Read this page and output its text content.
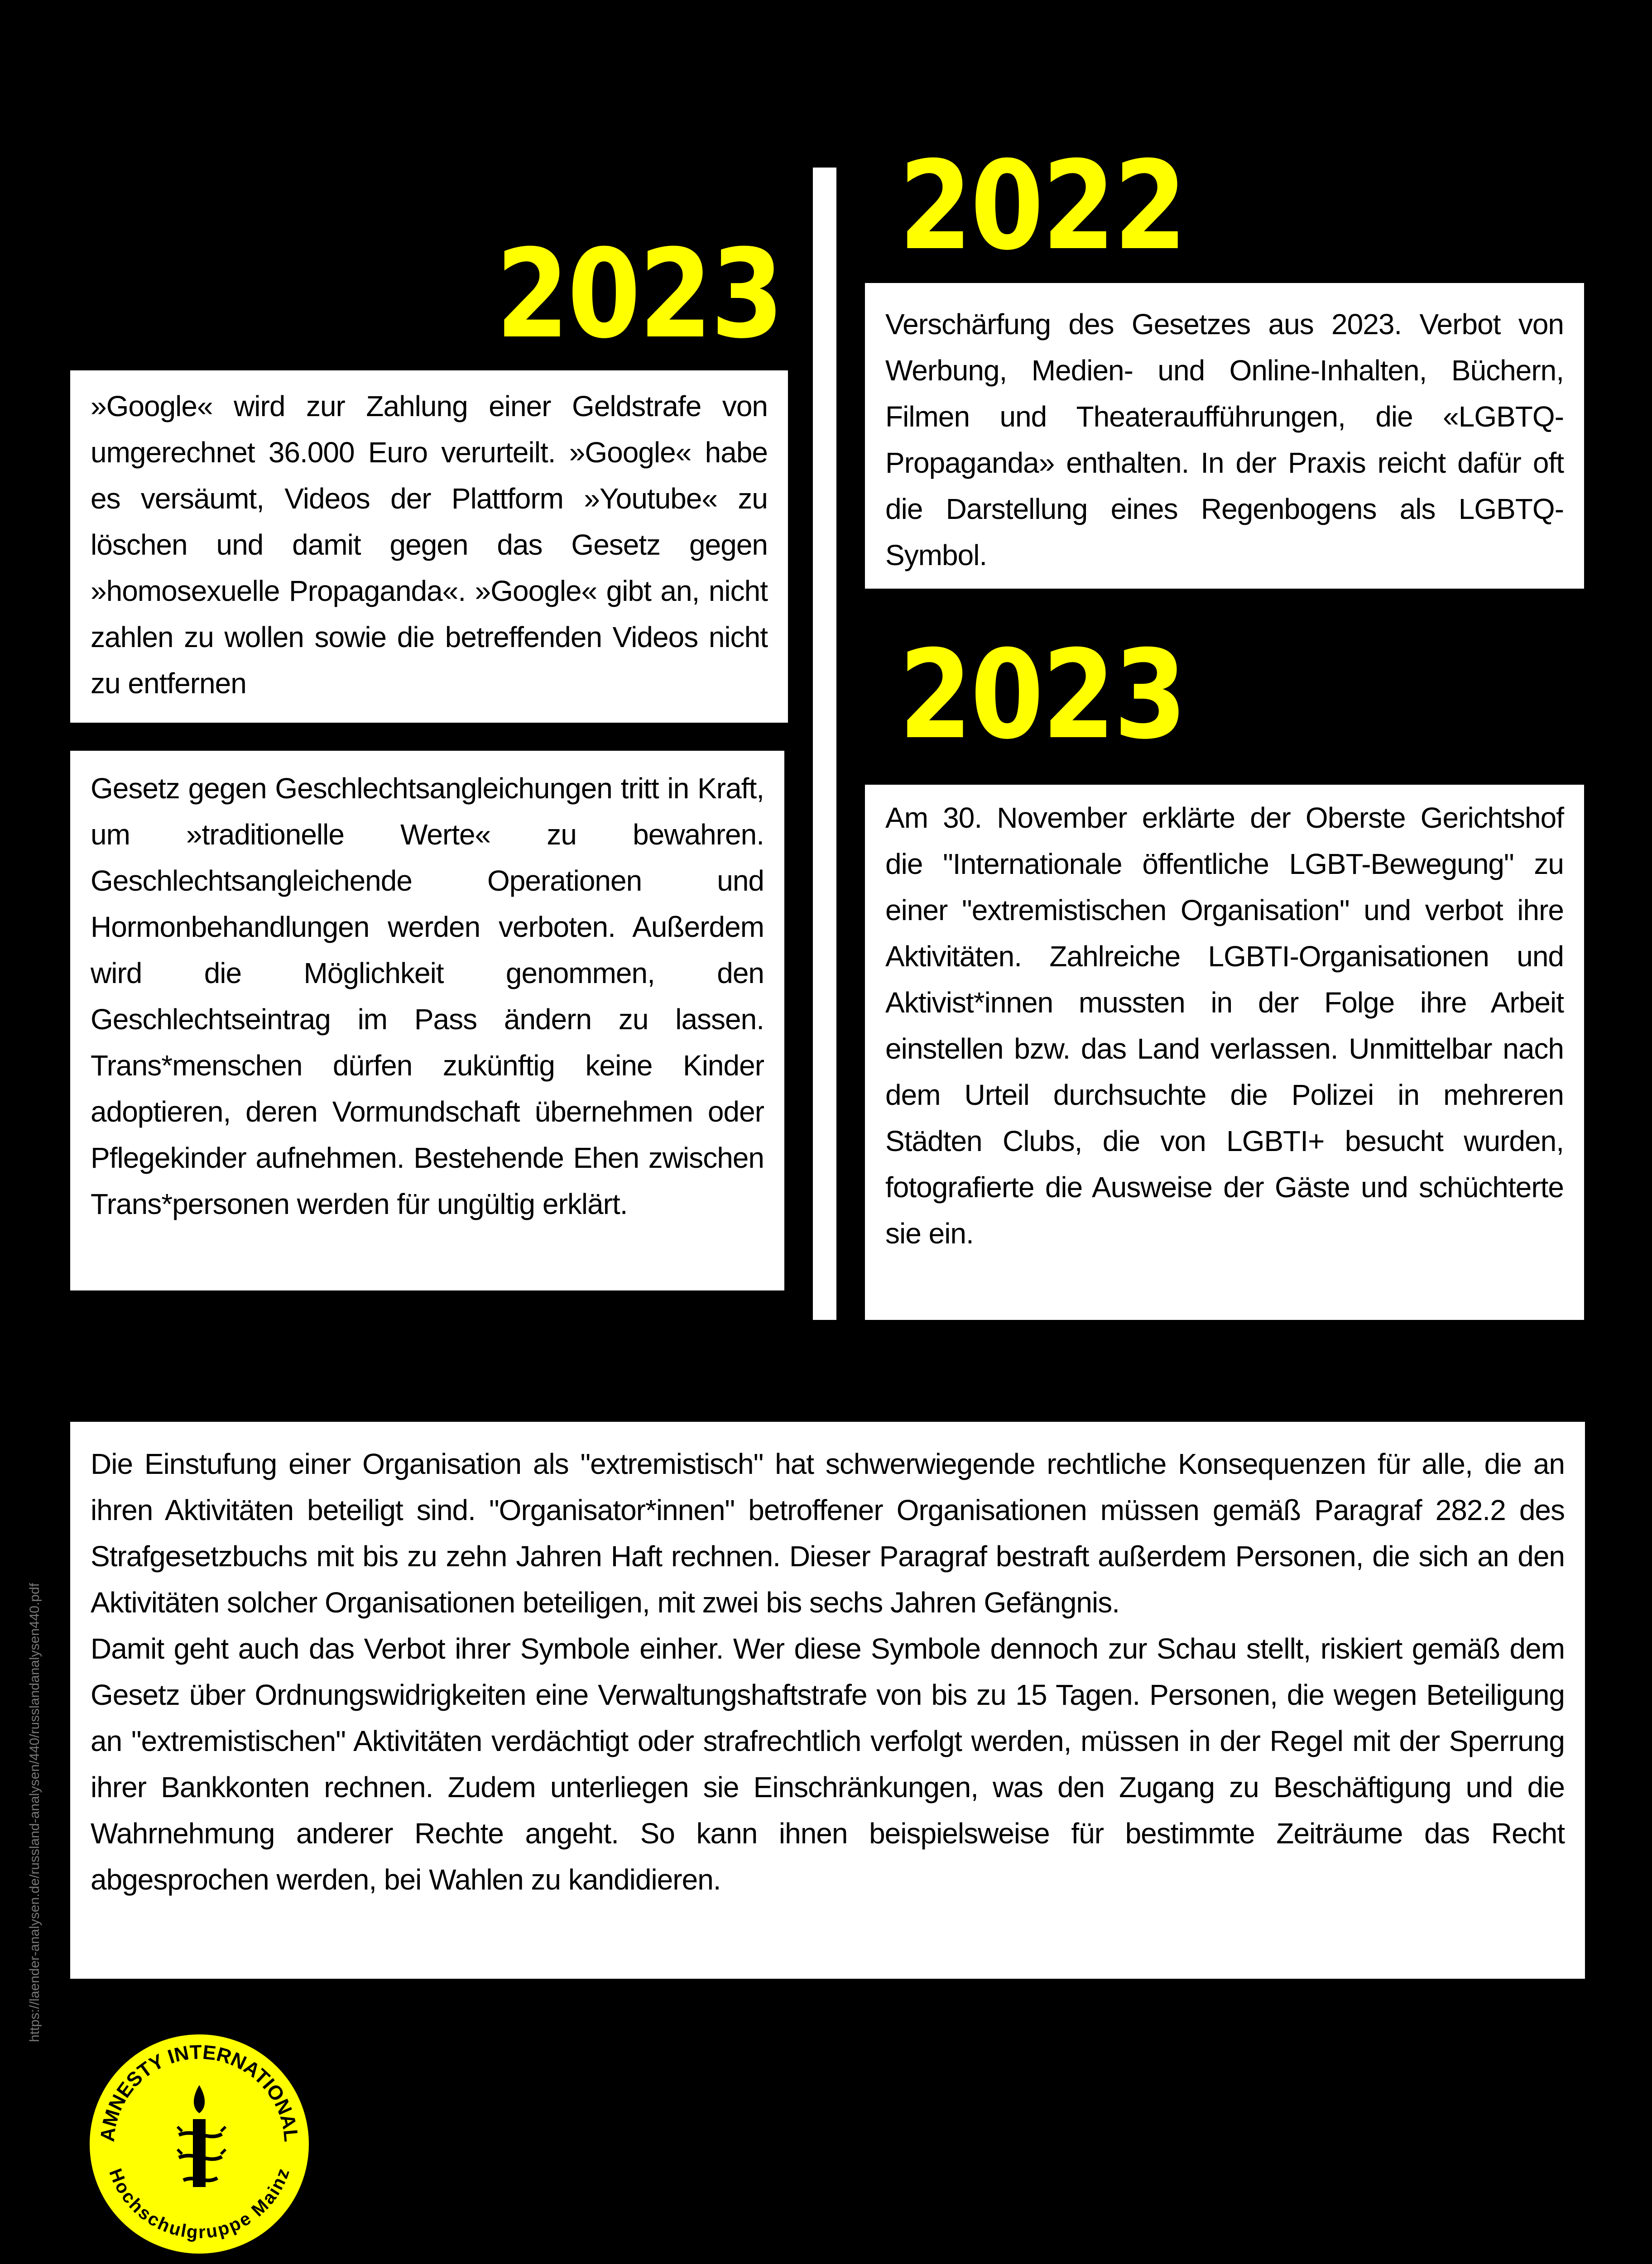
2023
2022
2023

»Google« wird zur Zahlung einer Geldstrafe von umgerechnet 36.000 Euro verurteilt. »Google« habe es versäumt, Videos der Plattform »Youtube« zu löschen und damit gegen das Gesetz gegen »homosexuelle Propaganda«. »Google« gibt an, nicht zahlen zu wollen sowie die betreffenden Videos nicht zu entfernen

Gesetz gegen Geschlechtsangleichungen tritt in Kraft, um »traditionelle Werte« zu bewahren. Geschlechtsangleichende Operationen und Hormonbehandlungen werden verboten. Außerdem wird die Möglichkeit genommen, den Geschlechtseintrag im Pass ändern zu lassen. Trans*menschen dürfen zukünftig keine Kinder adoptieren, deren Vormundschaft übernehmen oder Pflegekinder aufnehmen. Bestehende Ehen zwischen Trans*personen werden für ungültig erklärt.

Verschärfung des Gesetzes aus 2023. Verbot von Werbung, Medien- und Online-Inhalten, Büchern, Filmen und Theateraufführungen, die «LGBTQ-Propaganda» enthalten. In der Praxis reicht dafür oft die Darstellung eines Regenbogens als LGBTQ-Symbol.

Am 30. November erklärte der Oberste Gerichtshof die "Internationale öffentliche LGBT-Bewegung" zu einer "extremistischen Organisation" und verbot ihre Aktivitäten. Zahlreiche LGBTI-Organisationen und Aktivist*innen mussten in der Folge ihre Arbeit einstellen bzw. das Land verlassen. Unmittelbar nach dem Urteil durchsuchte die Polizei in mehreren Städten Clubs, die von LGBTI+ besucht wurden, fotografierte die Ausweise der Gäste und schüchterte sie ein.

Die Einstufung einer Organisation als "extremistisch" hat schwerwiegende rechtliche Konsequenzen für alle, die an ihren Aktivitäten beteiligt sind. "Organisator*innen" betroffener Organisationen müssen gemäß Paragraf 282.2 des Strafgesetzbuchs mit bis zu zehn Jahren Haft rechnen. Dieser Paragraf bestraft außerdem Personen, die sich an den Aktivitäten solcher Organisationen beteiligen, mit zwei bis sechs Jahren Gefängnis.

Damit geht auch das Verbot ihrer Symbole einher. Wer diese Symbole dennoch zur Schau stellt, riskiert gemäß dem Gesetz über Ordnungswidrigkeiten eine Verwaltungshaftstrafe von bis zu 15 Tagen. Personen, die wegen Beteiligung an "extremistischen" Aktivitäten verdächtigt oder strafrechtlich verfolgt werden, müssen in der Regel mit der Sperrung ihrer Bankkonten rechnen. Zudem unterliegen sie Einschränkungen, was den Zugang zu Beschäftigung und die Wahrnehmung anderer Rechte angeht. So kann ihnen beispielsweise für bestimmte Zeiträume das Recht abgesprochen werden, bei Wahlen zu kandidieren.

https://laender-analysen.de/russland-analysen/440/russlandanalysen440.pdf
AMNESTY INTERNATIONAL
Hochschulgruppe Mainz
